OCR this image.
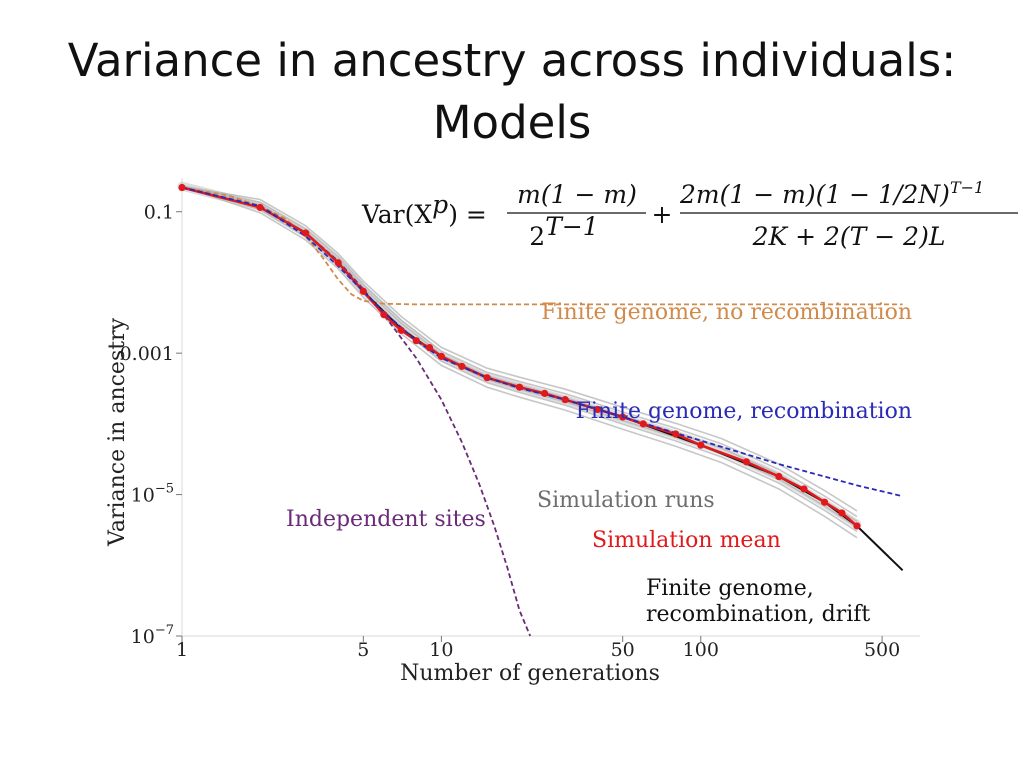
Variance in ancestry across individuals:
Models
1	5	10	50	100	500
0.1
0.001
$10^{-5}$
$10^{-7}$
Number of generations
Variance in ancestry
Finite genome, no recombination
Finite genome, recombination
Simulation runs
Simulation mean
Independent sites
Finite genome,
recombination, drift
Var(Xp) =
m(1 − m)
2T−1 +
$2m(1 - m)(1 - 1/2N)^{T-1}$
2K + 2(T − 2)L
